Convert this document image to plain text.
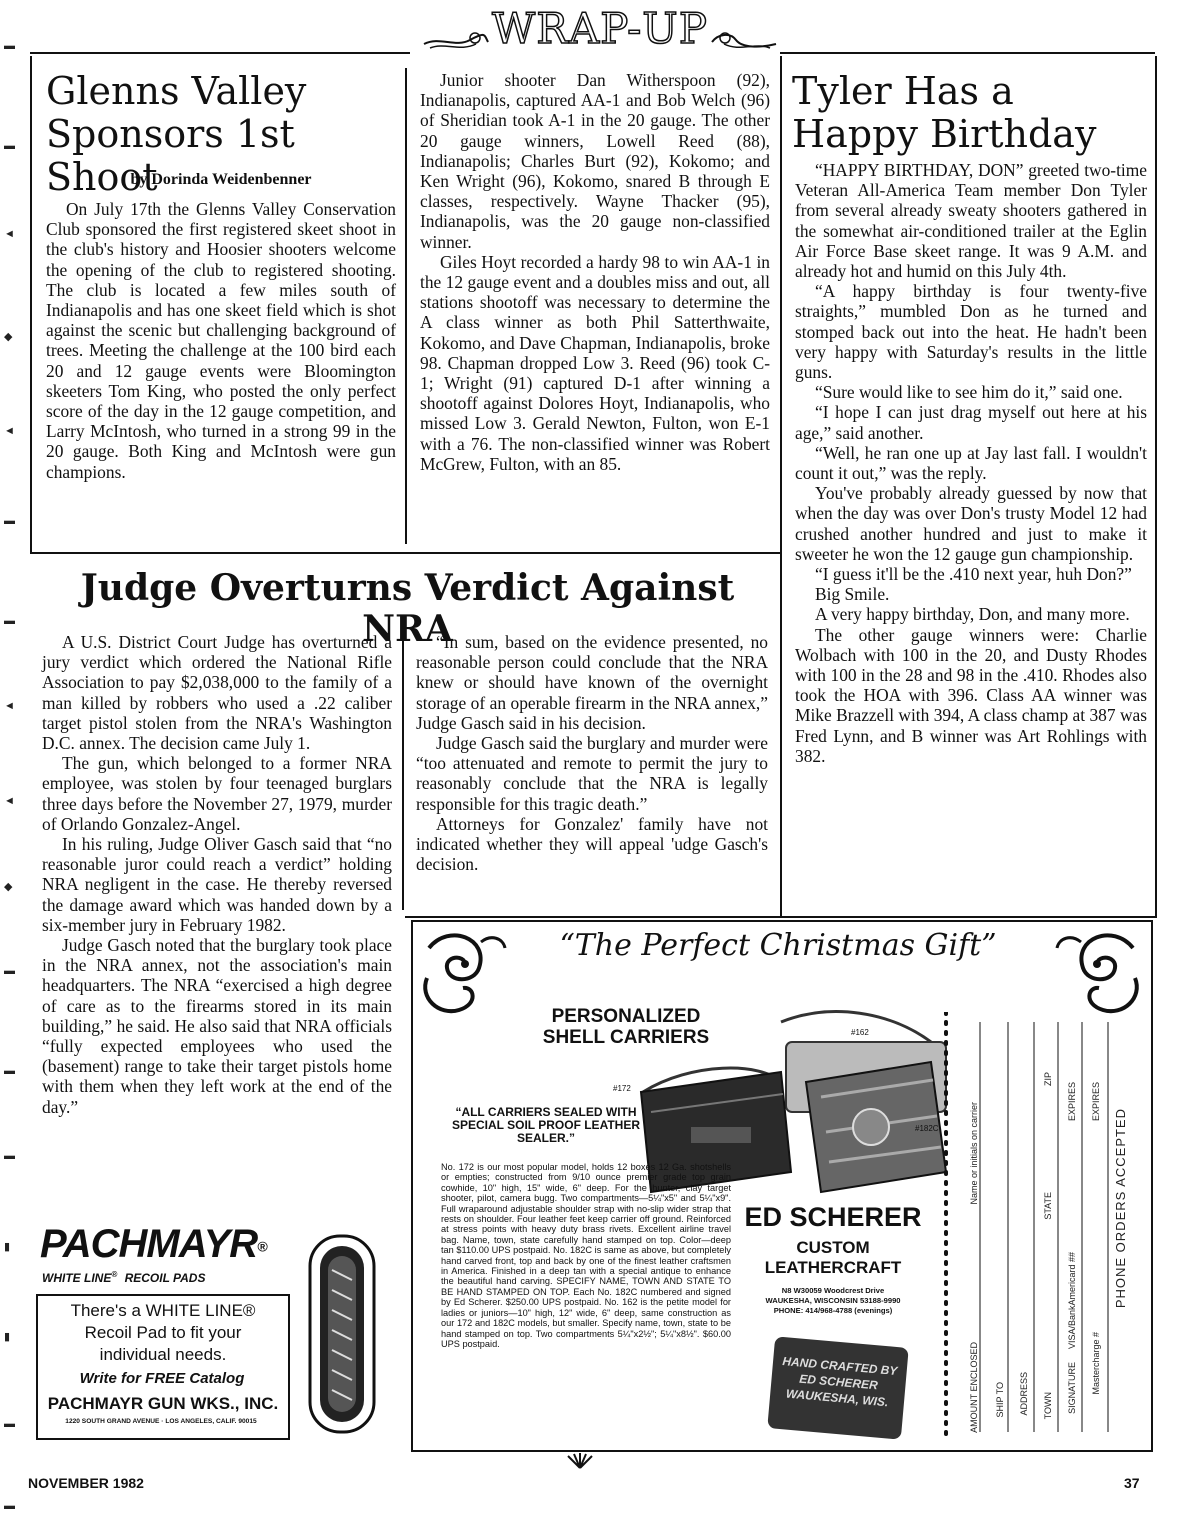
▬
▬
◄
◆
◄
▬
▬
◄
◄
◆
▬
▬
▬
▮
▮
▬
▬
WRAP-UP
Glenns Valley Sponsors 1st Shoot
by Dorinda Weidenbenner

On July 17th the Glenns Valley Conservation Club sponsored the first registered skeet shoot in the club's history and Hoosier shooters welcome the opening of the club to registered shooting. The club is located a few miles south of Indianapolis and has one skeet field which is shot against the scenic but challenging background of trees. Meeting the challenge at the 100 bird each 20 and 12 gauge events were Bloomington skeeters Tom King, who posted the only perfect score of the day in the 12 gauge competition, and Larry McIntosh, who turned in a strong 99 in the 20 gauge. Both King and McIntosh were gun champions.

Junior shooter Dan Witherspoon (92), Indianapolis, captured AA-1 and Bob Welch (96) of Sheridian took A-1 in the 20 gauge. The other 20 gauge winners, Lowell Reed (88), Indianapolis; Charles Burt (92), Kokomo; and Ken Wright (96), Kokomo, snared B through E classes, respectively. Wayne Thacker (95), Indianapolis, was the 20 gauge non-classified winner.

Giles Hoyt recorded a hardy 98 to win AA-1 in the 12 gauge event and a doubles miss and out, all stations shootoff was necessary to determine the A class winner as both Phil Satterthwaite, Kokomo, and Dave Chapman, Indianapolis, broke 98. Chapman dropped Low 3. Reed (96) took C-1; Wright (91) captured D-1 after winning a shootoff against Dolores Hoyt, Indianapolis, who missed Low 3. Gerald Newton, Fulton, won E-1 with a 76. The non-classified winner was Robert McGrew, Fulton, with an 85.

Tyler Has a Happy Birthday

“HAPPY BIRTHDAY, DON” greeted two-time Veteran All-America Team member Don Tyler from several already sweaty shooters gathered in the somewhat air-conditioned trailer at the Eglin Air Force Base skeet range. It was 9 A.M. and already hot and humid on this July 4th.

“A happy birthday is four twenty-five straights,” mumbled Don as he turned and stomped back out into the heat. He hadn't been very happy with Saturday's results in the little guns.

“Sure would like to see him do it,” said one.

“I hope I can just drag myself out here at his age,” said another.

“Well, he ran one up at Jay last fall. I wouldn't count it out,” was the reply.

You've probably already guessed by now that when the day was over Don's trusty Model 12 had crushed another hundred and just to make it sweeter he won the 12 gauge gun championship.

“I guess it'll be the .410 next year, huh Don?”

Big Smile.

A very happy birthday, Don, and many more.

The other gauge winners were: Charlie Wolbach with 100 in the 20, and Dusty Rhodes with 100 in the 28 and 98 in the .410. Rhodes also took the HOA with 396. Class AA winner was Mike Brazzell with 394, A class champ at 387 was Fred Lynn, and B winner was Art Rohlings with 382.

Judge Overturns Verdict Against NRA

A U.S. District Court Judge has overturned a jury verdict which ordered the National Rifle Association to pay $2,038,000 to the family of a man killed by robbers who used a .22 caliber target pistol stolen from the NRA's Washington D.C. annex. The decision came July 1.

The gun, which belonged to a former NRA employee, was stolen by four teenaged burglars three days before the November 27, 1979, murder of Orlando Gonzalez-Angel.

In his ruling, Judge Oliver Gasch said that “no reasonable juror could reach a verdict” holding NRA negligent in the case. He thereby reversed the damage award which was handed down by a six-member jury in February 1982.

Judge Gasch noted that the burglary took place in the NRA annex, not the association's main headquarters. The NRA “exercised a high degree of care as to the firearms stored in its main building,” he said. He also said that NRA officials “fully expected employees who used the (basement) range to take their target pistols home with them when they left work at the end of the day.”

“In sum, based on the evidence presented, no reasonable person could conclude that the NRA knew or should have known of the overnight storage of an operable firearm in the NRA annex,” Judge Gasch said in his decision.

Judge Gasch said the burglary and murder were “too attenuated and remote to permit the jury to reasonably conclude that the NRA is legally responsible for this tragic death.”

Attorneys for Gonzalez' family have not indicated whether they will appeal 'udge Gasch's decision.

PACHMAYR®
WHITE LINE® RECOIL PADS
There's a WHITE LINE® Recoil Pad to fit your individual needs.
Write for FREE Catalog
PACHMAYR GUN WKS., INC.
1220 SOUTH GRAND AVENUE · LOS ANGELES, CALIF. 90015
“The Perfect Christmas Gift”
PERSONALIZED SHELL CARRIERS	#162
#172
#182C
“ALL CARRIERS SEALED WITH SPECIAL SOIL PROOF LEATHER SEALER.”
No. 172 is our most popular model, holds 12 boxes 12 Ga. shotshells or empties; constructed from 9/10 ounce premier grade top grain cowhide, 10" high, 15" wide, 6" deep. For the hunter, clay target shooter, pilot, camera bugg. Two compartments—5¼"x5" and 5¼"x9". Full wraparound adjustable shoulder strap with no-slip wider strap that rests on shoulder. Four leather feet keep carrier off ground. Reinforced at stress points with heavy duty brass rivets. Excellent airline travel bag. Name, town, state carefully hand stamped on top. Color—deep tan $110.00 UPS postpaid. No. 182C is same as above, but completely hand carved front, top and back by one of the finest leather craftsmen in America. Finished in a deep tan with a special antique to enhance the beautiful hand carving. SPECIFY NAME, TOWN AND STATE TO BE HAND STAMPED ON TOP. Each No. 182C numbered and signed by Ed Scherer. $250.00 UPS postpaid. No. 162 is the petite model for ladies or juniors—10" high, 12" wide, 6" deep, same construction as our 172 and 182C models, but smaller. Specify name, town, state to be hand stamped on top. Two compartments 5¼"x2½"; 5¼"x8½". $60.00 UPS postpaid.
ED SCHERER
CUSTOM LEATHERCRAFT
N8 W30059 Woodcrest Drive
WAUKESHA, WISCONSIN 53188-9990
PHONE: 414/968-4788 (evenings)
HAND CRAFTED BY ED SCHERER WAUKESHA, WIS.	AMOUNT ENCLOSED
Name or initials on carrier
SHIP TO ADDRESS TOWN
STATE
ZIP
SIGNATURE
VISA/BankAmericard ##
EXPIRES
Mastercharge #
EXPIRES
PHONE ORDERS ACCEPTED
NOVEMBER 1982	37
